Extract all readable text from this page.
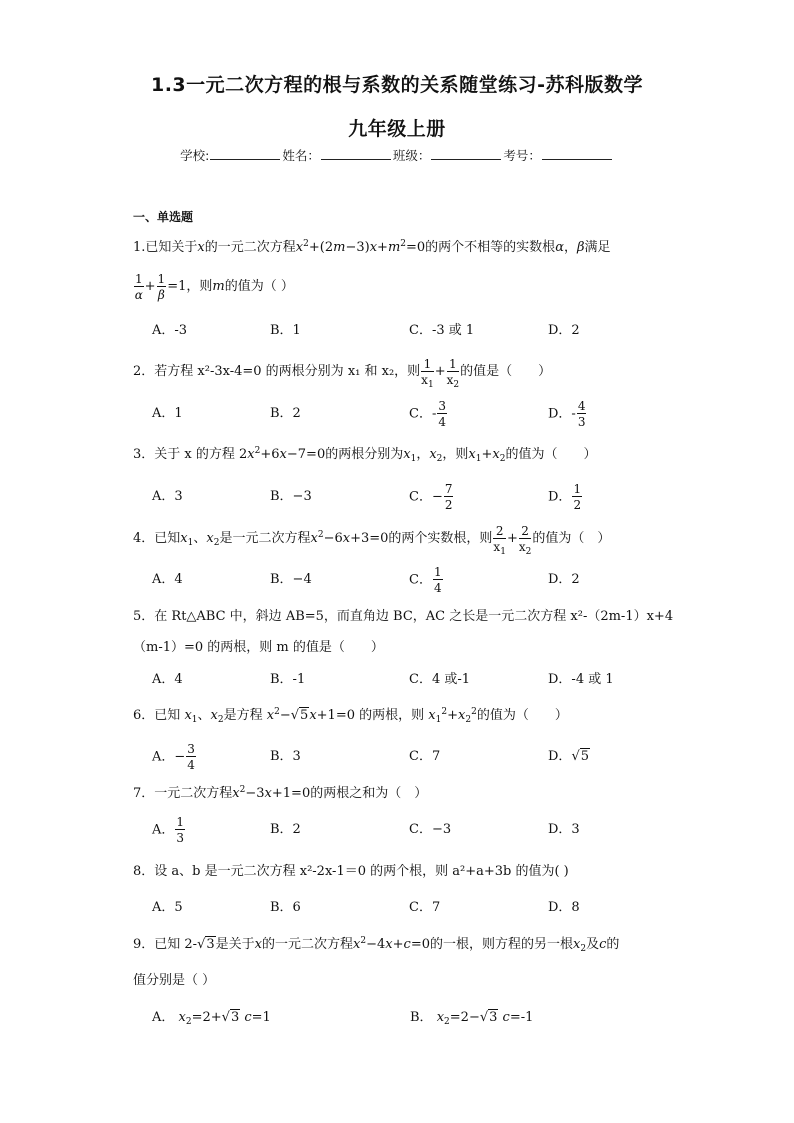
1.3一元二次方程的根与系数的关系随堂练习-苏科版数学
九年级上册
学校:	姓名：	班级：	考号：
一、单选题
1.已知关于x的一元二次方程$x^2+(2m-3)x+m^2=0$的两个不相等的实数根α，β满足
$\frac{1}{\alpha} + \frac{1}{\beta} =1$，则m的值为（ ）
A．-3	B．1	C．-3 或 1	D．2
2．若方程 x²-3x-4=0 的两根分别为 x₁ 和 x₂，则 $\frac{1}{x_1} + \frac{1}{x_2}$ 的值是（　　）
A．1	B．2	C．- $\frac{3}{4}$	D．- $\frac{4}{3}$
3．关于 x 的方程 $2x^2+6x-7=0$的两根分别为$x_1$，$x_2$，则$x_1+x_2$的值为（　　）
A．3	B．−3	C．− $\frac{7}{2}$	D． $\frac{1}{2}$
4．已知$x_1$、$x_2$是一元二次方程$x^2-6x+3=0$的两个实数根，则 $\frac{2}{x_1} + \frac{2}{x_2}$ 的值为（　）
A．4	B．−4	C． $\frac{1}{4}$	D．2
5．在 Rt△ABC 中，斜边 AB=5，而直角边 BC，AC 之长是一元二次方程 x²-（2m-1）x+4
（m-1）=0 的两根，则 m 的值是（　　）
A．4	B．-1	C．4 或-1	D．-4 或 1
6．已知 $x_1$、$x_2$是方程 $x^2-√5x+1=0$ 的两根，则 $x_1^2+x_2^2$的值为（　　）
A．− $\frac{3}{4}$	B．3	C．7	D．√5
7．一元二次方程$x^2-3x+1=0$的两根之和为（　）
A． $\frac{1}{3}$	B．2	C．−3	D．3
8．设 a、b 是一元二次方程 x²-2x-1＝0 的两个根，则 a²+a+3b 的值为( )
A．5	B．6	C．7	D．8
9．已知 2-√3是关于x的一元二次方程$x^2-4x+c=0$的一根，则方程的另一根$x_2$及c的
值分别是（ ）
A． $x_2=2+√3$ c=1	B． $x_2=2-√3$ c=-1
